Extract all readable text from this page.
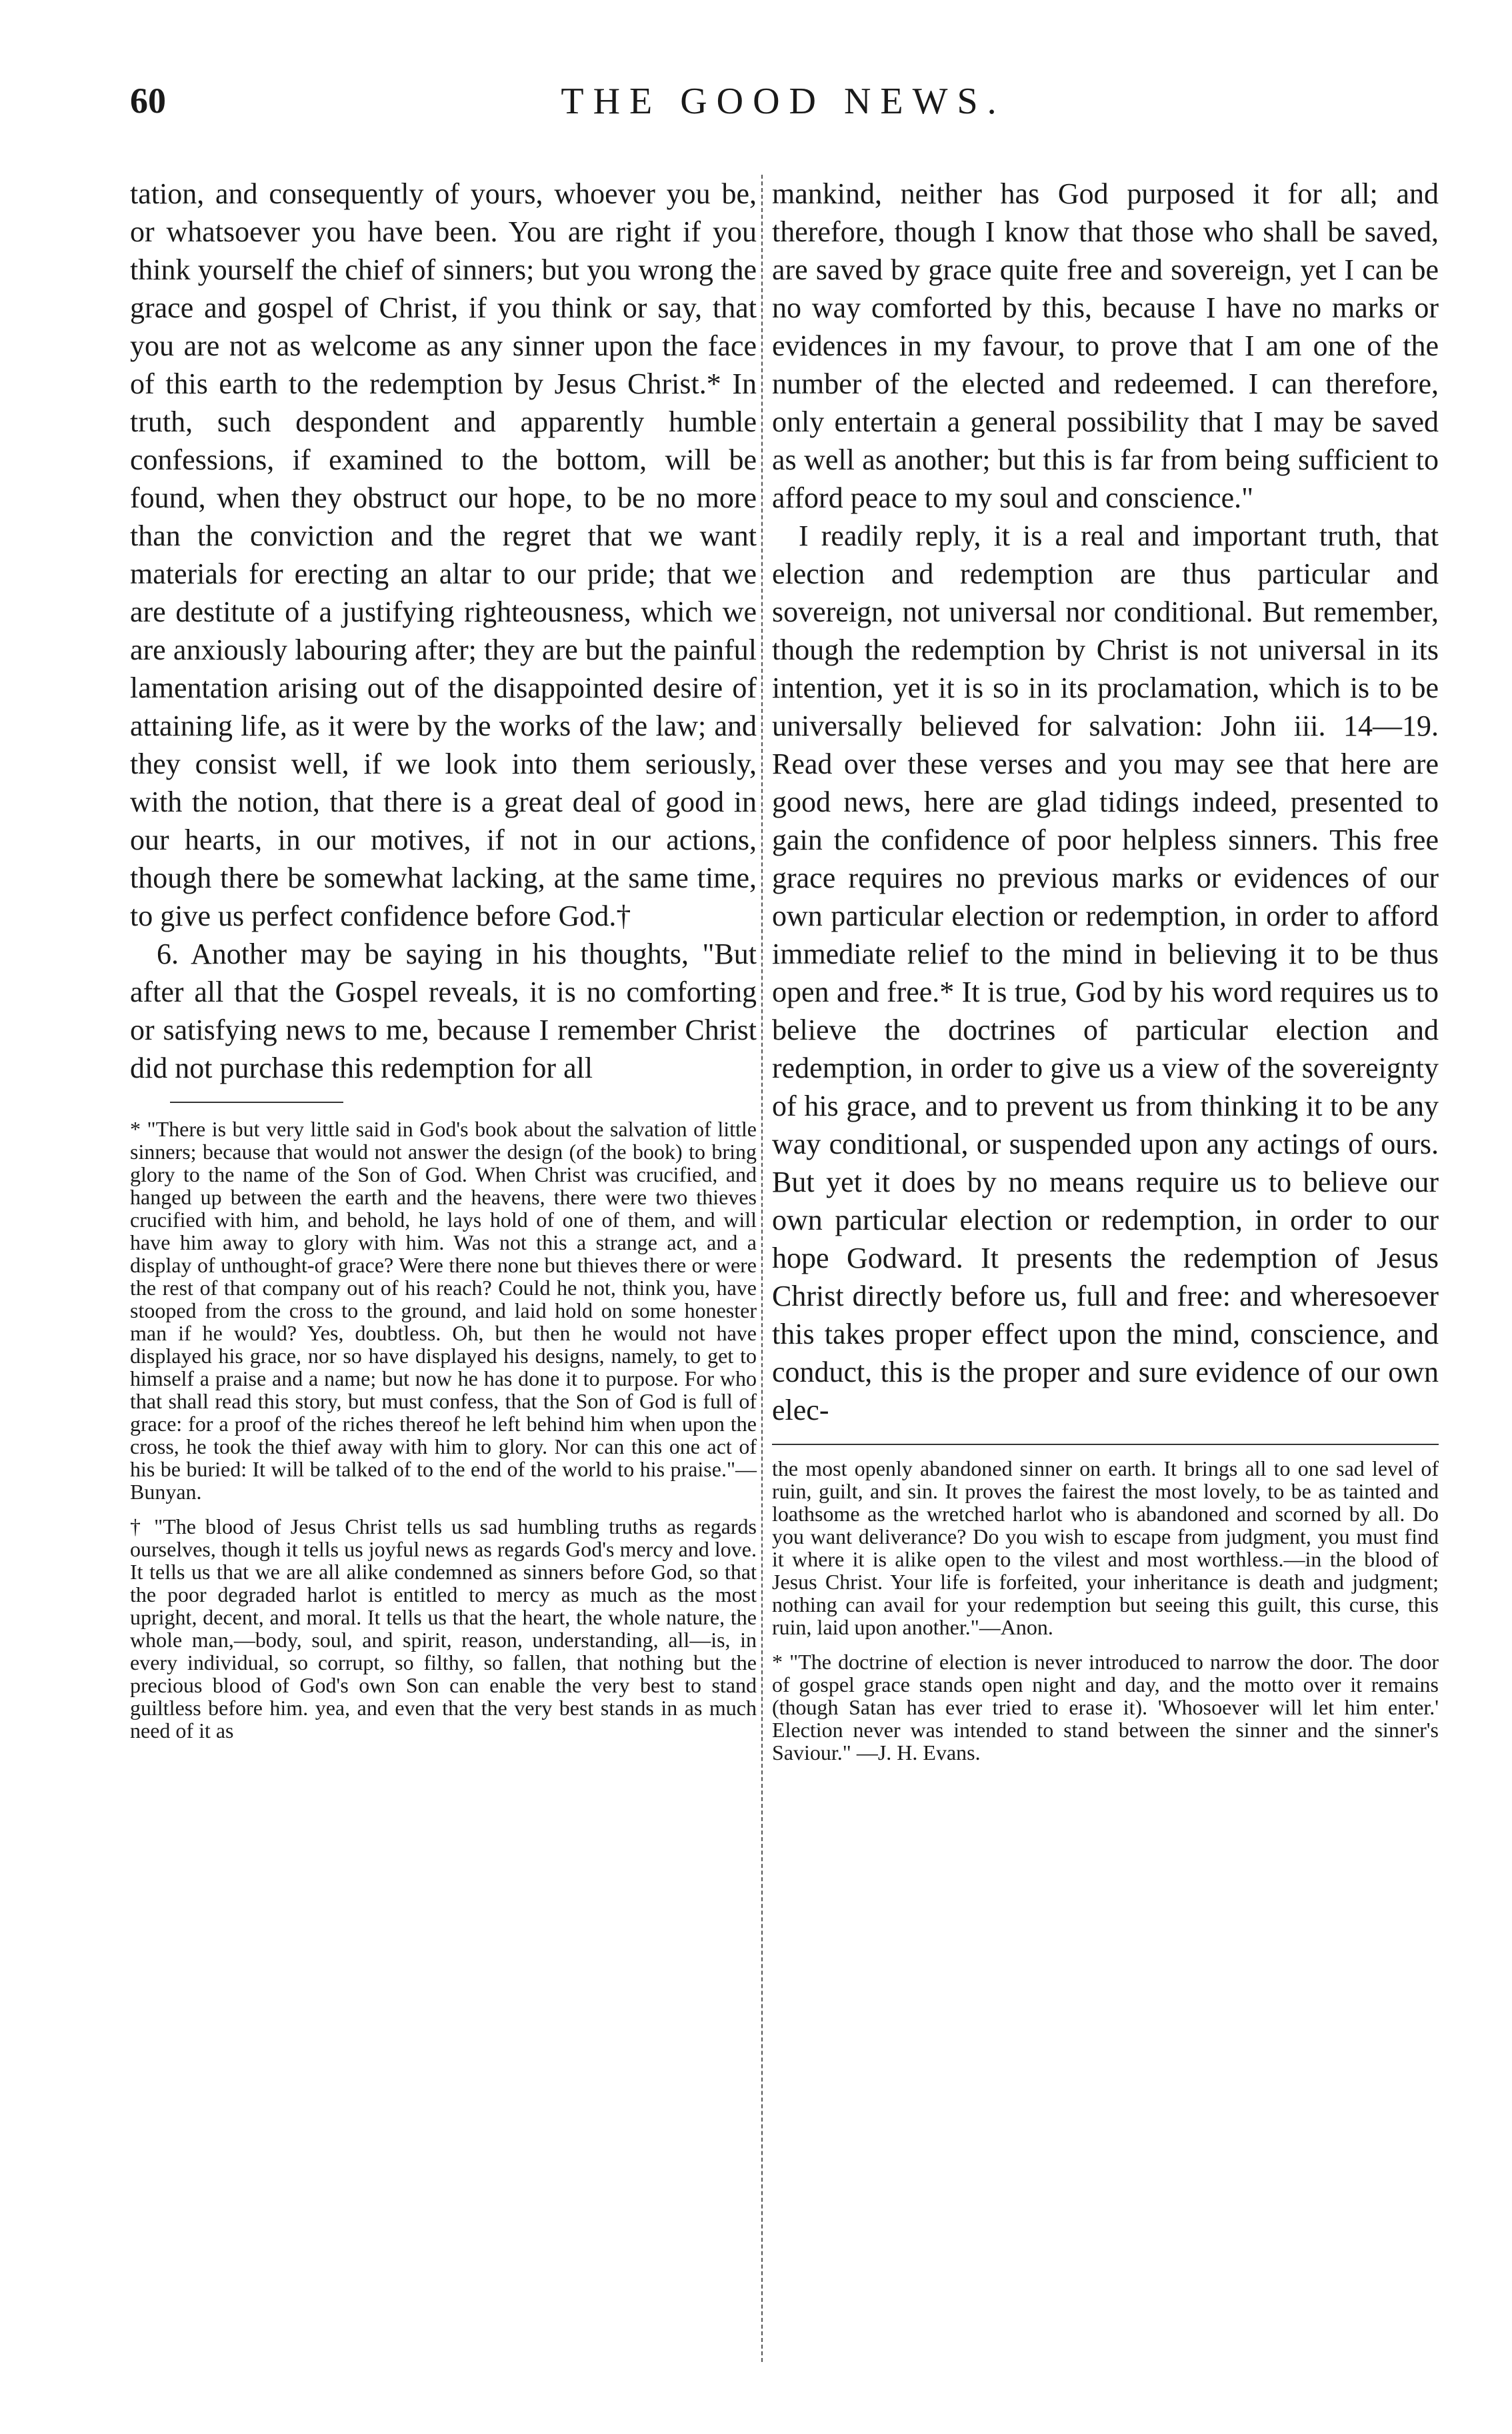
60	THE GOOD NEWS.

tation, and consequently of yours, whoever you be, or whatsoever you have been. You are right if you think yourself the chief of sinners; but you wrong the grace and gospel of Christ, if you think or say, that you are not as welcome as any sinner upon the face of this earth to the redemption by Jesus Christ.* In truth, such despondent and apparently humble confessions, if examined to the bottom, will be found, when they obstruct our hope, to be no more than the conviction and the regret that we want materials for erecting an altar to our pride; that we are destitute of a justifying righteousness, which we are anxiously labouring after; they are but the painful lamentation arising out of the disappointed desire of attaining life, as it were by the works of the law; and they consist well, if we look into them seriously, with the notion, that there is a great deal of good in our hearts, in our motives, if not in our actions, though there be somewhat lacking, at the same time, to give us perfect confidence before God.†

6. Another may be saying in his thoughts, "But after all that the Gospel reveals, it is no comforting or satisfying news to me, because I remember Christ did not purchase this redemption for all

* "There is but very little said in God's book about the salvation of little sinners; because that would not answer the design (of the book) to bring glory to the name of the Son of God. When Christ was crucified, and hanged up between the earth and the heavens, there were two thieves crucified with him, and behold, he lays hold of one of them, and will have him away to glory with him. Was not this a strange act, and a display of unthought-of grace? Were there none but thieves there or were the rest of that company out of his reach? Could he not, think you, have stooped from the cross to the ground, and laid hold on some honester man if he would? Yes, doubtless. Oh, but then he would not have displayed his grace, nor so have displayed his designs, namely, to get to himself a praise and a name; but now he has done it to purpose. For who that shall read this story, but must confess, that the Son of God is full of grace: for a proof of the riches thereof he left behind him when upon the cross, he took the thief away with him to glory. Nor can this one act of his be buried: It will be talked of to the end of the world to his praise."—Bunyan.

† "The blood of Jesus Christ tells us sad humbling truths as regards ourselves, though it tells us joyful news as regards God's mercy and love. It tells us that we are all alike condemned as sinners before God, so that the poor degraded harlot is entitled to mercy as much as the most upright, decent, and moral. It tells us that the heart, the whole nature, the whole man,—body, soul, and spirit, reason, understanding, all—is, in every individual, so corrupt, so filthy, so fallen, that nothing but the precious blood of God's own Son can enable the very best to stand guiltless before him. yea, and even that the very best stands in as much need of it as

mankind, neither has God purposed it for all; and therefore, though I know that those who shall be saved, are saved by grace quite free and sovereign, yet I can be no way comforted by this, because I have no marks or evidences in my favour, to prove that I am one of the number of the elected and redeemed. I can therefore, only entertain a general possibility that I may be saved as well as another; but this is far from being sufficient to afford peace to my soul and conscience."

I readily reply, it is a real and important truth, that election and redemption are thus particular and sovereign, not universal nor conditional. But remember, though the redemption by Christ is not universal in its intention, yet it is so in its proclamation, which is to be universally believed for salvation: John iii. 14—19. Read over these verses and you may see that here are good news, here are glad tidings indeed, presented to gain the confidence of poor helpless sinners. This free grace requires no previous marks or evidences of our own particular election or redemption, in order to afford immediate relief to the mind in believing it to be thus open and free.* It is true, God by his word requires us to believe the doctrines of particular election and redemption, in order to give us a view of the sovereignty of his grace, and to prevent us from thinking it to be any way conditional, or suspended upon any actings of ours. But yet it does by no means require us to believe our own particular election or redemption, in order to our hope Godward. It presents the redemption of Jesus Christ directly before us, full and free: and wheresoever this takes proper effect upon the mind, conscience, and conduct, this is the proper and sure evidence of our own elec-

the most openly abandoned sinner on earth. It brings all to one sad level of ruin, guilt, and sin. It proves the fairest the most lovely, to be as tainted and loathsome as the wretched harlot who is abandoned and scorned by all. Do you want deliverance? Do you wish to escape from judgment, you must find it where it is alike open to the vilest and most worthless.—in the blood of Jesus Christ. Your life is forfeited, your inheritance is death and judgment; nothing can avail for your redemption but seeing this guilt, this curse, this ruin, laid upon another."—Anon.

* "The doctrine of election is never introduced to narrow the door. The door of gospel grace stands open night and day, and the motto over it remains (though Satan has ever tried to erase it). 'Whosoever will let him enter.' Election never was intended to stand between the sinner and the sinner's Saviour." —J. H. Evans.
